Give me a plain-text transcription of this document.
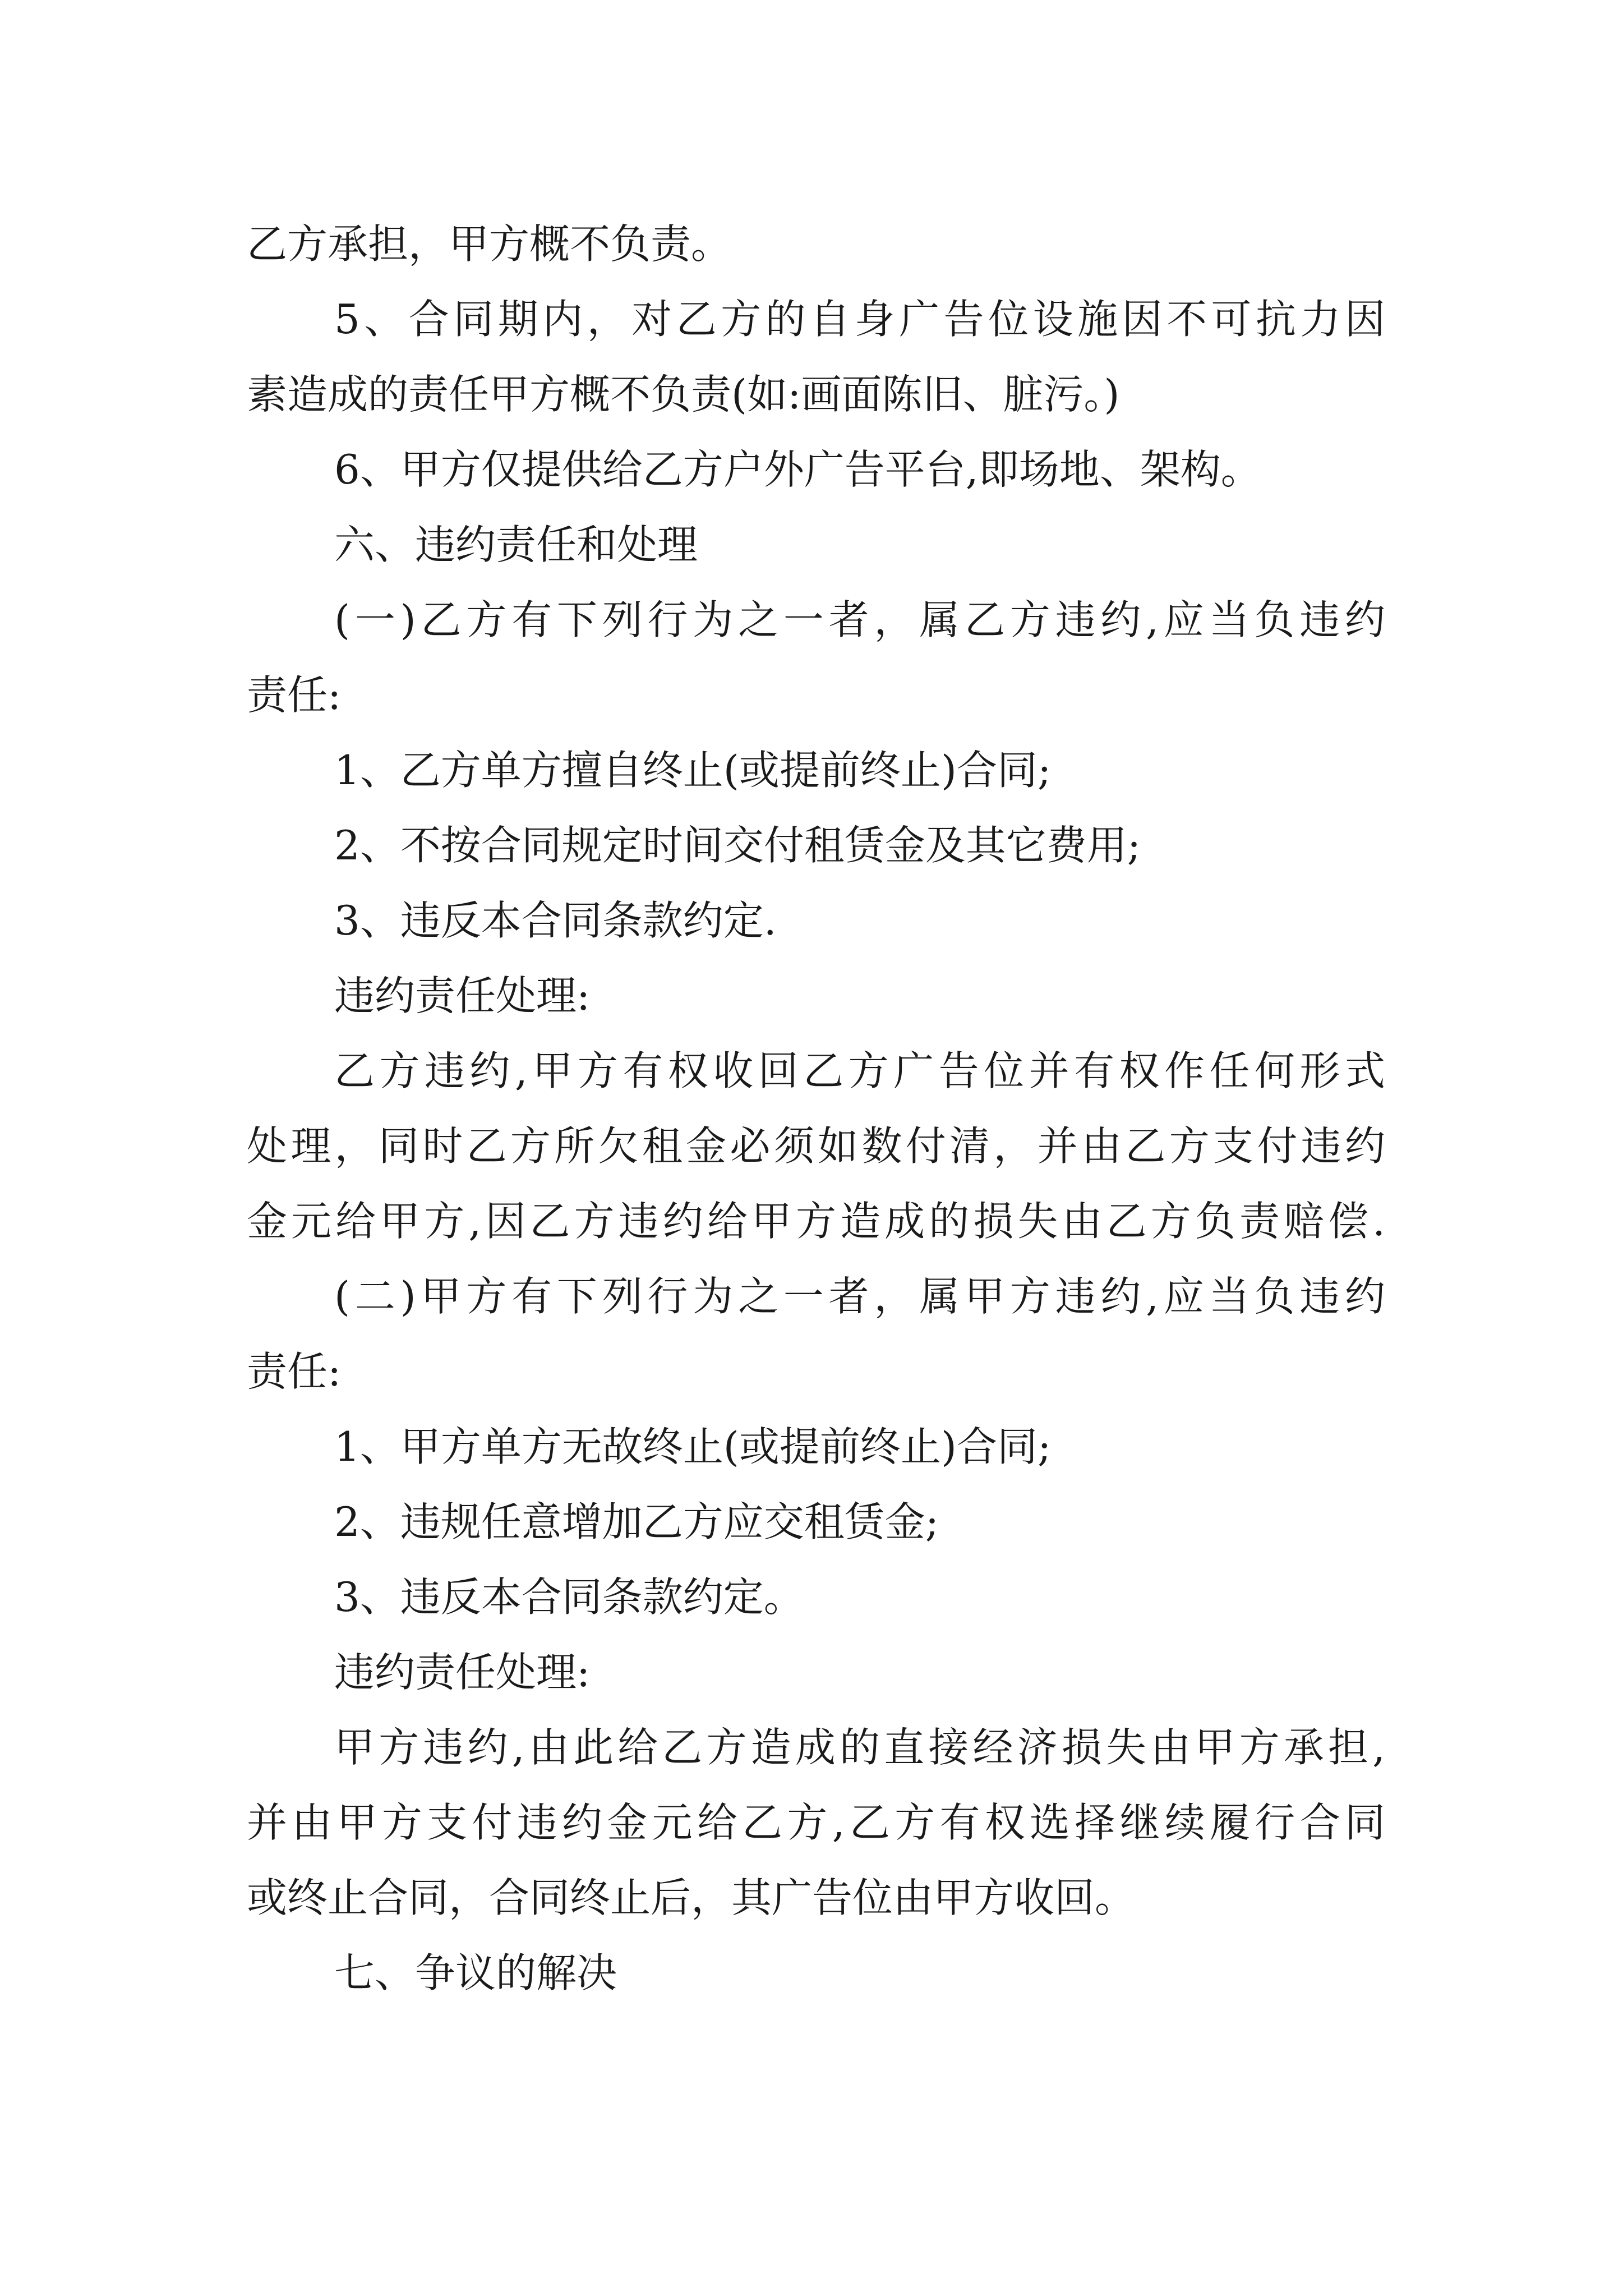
乙方承担，甲方概不负责。

5、合同期内，对乙方的自身广告位设施因不可抗力因

素造成的责任甲方概不负责(如:画面陈旧、脏污。)

6、甲方仅提供给乙方户外广告平台,即场地、架构。

六、违约责任和处理

(一)乙方有下列行为之一者，属乙方违约,应当负违约

责任:

1、乙方单方擅自终止(或提前终止)合同;

2、不按合同规定时间交付租赁金及其它费用;

3、违反本合同条款约定.

违约责任处理:

乙方违约,甲方有权收回乙方广告位并有权作任何形式

处理，同时乙方所欠租金必须如数付清，并由乙方支付违约

金元给甲方,因乙方违约给甲方造成的损失由乙方负责赔偿.

(二)甲方有下列行为之一者，属甲方违约,应当负违约

责任:

1、甲方单方无故终止(或提前终止)合同;

2、违规任意增加乙方应交租赁金;

3、违反本合同条款约定。

违约责任处理:

甲方违约,由此给乙方造成的直接经济损失由甲方承担,

并由甲方支付违约金元给乙方,乙方有权选择继续履行合同

或终止合同，合同终止后，其广告位由甲方收回。

七、争议的解决
